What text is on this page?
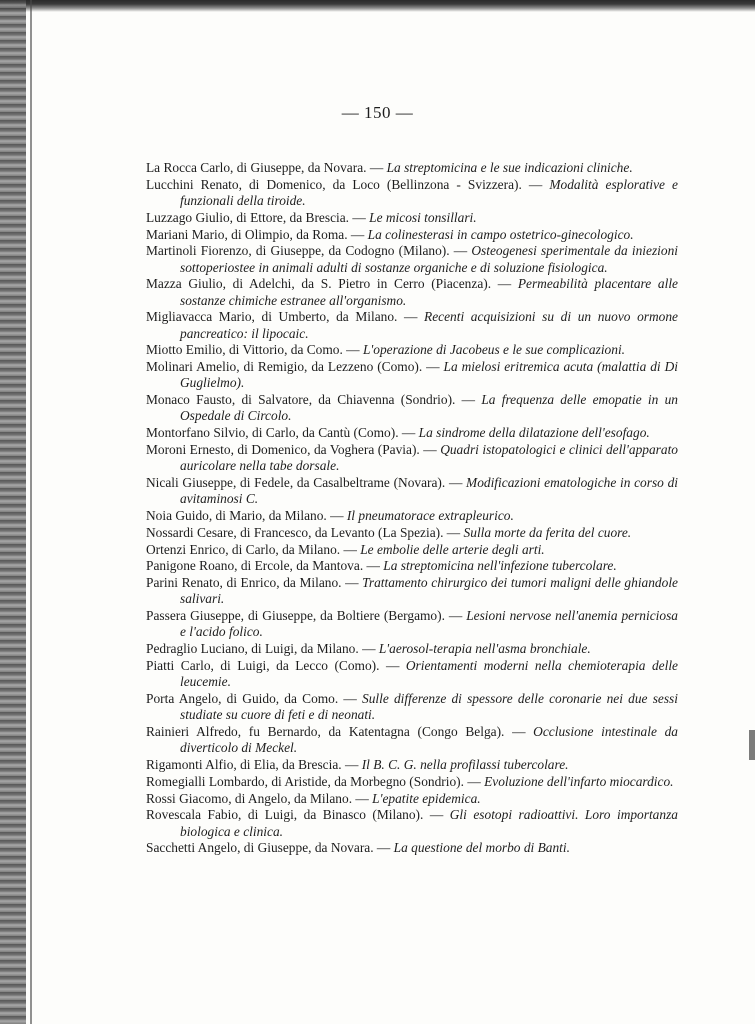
— 150 —
La Rocca Carlo, di Giuseppe, da Novara. — La streptomicina e le sue indicazioni cliniche.
Lucchini Renato, di Domenico, da Loco (Bellinzona - Svizzera). — Modalità esplorative e funzionali della tiroide.
Luzzago Giulio, di Ettore, da Brescia. — Le micosi tonsillari.
Mariani Mario, di Olimpio, da Roma. — La colinesterasi in campo ostetrico-ginecologico.
Martinoli Fiorenzo, di Giuseppe, da Codogno (Milano). — Osteogenesi sperimentale da iniezioni sottoperiostee in animali adulti di sostanze organiche e di soluzione fisiologica.
Mazza Giulio, di Adelchi, da S. Pietro in Cerro (Piacenza). — Permeabilità placentare alle sostanze chimiche estranee all'organismo.
Migliavacca Mario, di Umberto, da Milano. — Recenti acquisizioni su di un nuovo ormone pancreatico: il lipocaic.
Miotto Emilio, di Vittorio, da Como. — L'operazione di Jacobeus e le sue complicazioni.
Molinari Amelio, di Remigio, da Lezzeno (Como). — La mielosi eritremica acuta (malattia di Di Guglielmo).
Monaco Fausto, di Salvatore, da Chiavenna (Sondrio). — La frequenza delle emopatie in un Ospedale di Circolo.
Montorfano Silvio, di Carlo, da Cantù (Como). — La sindrome della dilatazione dell'esofago.
Moroni Ernesto, di Domenico, da Voghera (Pavia). — Quadri istopatologici e clinici dell'apparato auricolare nella tabe dorsale.
Nicali Giuseppe, di Fedele, da Casalbeltrame (Novara). — Modificazioni ematologiche in corso di avitaminosi C.
Noia Guido, di Mario, da Milano. — Il pneumatorace extrapleurico.
Nossardi Cesare, di Francesco, da Levanto (La Spezia). — Sulla morte da ferita del cuore.
Ortenzi Enrico, di Carlo, da Milano. — Le embolie delle arterie degli arti.
Panigone Roano, di Ercole, da Mantova. — La streptomicina nell'infezione tubercolare.
Parini Renato, di Enrico, da Milano. — Trattamento chirurgico dei tumori maligni delle ghiandole salivari.
Passera Giuseppe, di Giuseppe, da Boltiere (Bergamo). — Lesioni nervose nell'anemia perniciosa e l'acido folico.
Pedraglio Luciano, di Luigi, da Milano. — L'aerosol-terapia nell'asma bronchiale.
Piatti Carlo, di Luigi, da Lecco (Como). — Orientamenti moderni nella chemioterapia delle leucemie.
Porta Angelo, di Guido, da Como. — Sulle differenze di spessore delle coronarie nei due sessi studiate su cuore di feti e di neonati.
Rainieri Alfredo, fu Bernardo, da Katentagna (Congo Belga). — Occlusione intestinale da diverticolo di Meckel.
Rigamonti Alfio, di Elia, da Brescia. — Il B. C. G. nella profilassi tubercolare.
Romegialli Lombardo, di Aristide, da Morbegno (Sondrio). — Evoluzione dell'infarto miocardico.
Rossi Giacomo, di Angelo, da Milano. — L'epatite epidemica.
Rovescala Fabio, di Luigi, da Binasco (Milano). — Gli esotopi radioattivi. Loro importanza biologica e clinica.
Sacchetti Angelo, di Giuseppe, da Novara. — La questione del morbo di Banti.
